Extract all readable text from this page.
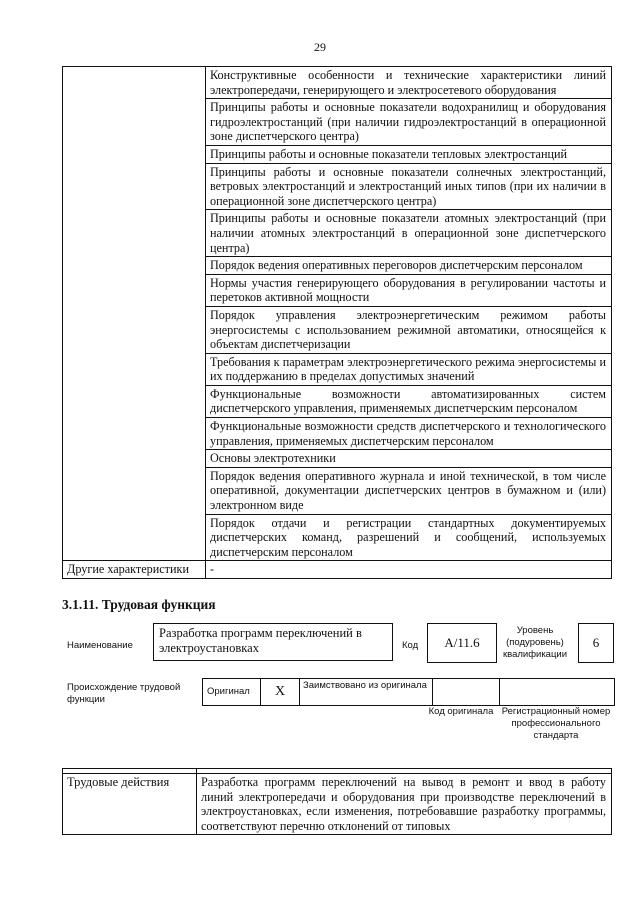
29
	Конструктивные особенности и технические характеристики линий электропередачи, генерирующего и электросетевого оборудования
	Принципы работы и основные показатели водохранилищ и оборудования гидроэлектростанций (при наличии гидроэлектростанций в операционной зоне диспетчерского центра)
	Принципы работы и основные показатели тепловых электростанций
	Принципы работы и основные показатели солнечных электростанций, ветровых электростанций и электростанций иных типов (при их наличии в операционной зоне диспетчерского центра)
	Принципы работы и основные показатели атомных электростанций (при наличии атомных электростанций в операционной зоне диспетчерского центра)
	Порядок ведения оперативных переговоров диспетчерским персоналом
	Нормы участия генерирующего оборудования в регулировании частоты и перетоков активной мощности
	Порядок управления электроэнергетическим режимом работы энергосистемы с использованием режимной автоматики, относящейся к объектам диспетчеризации
	Требования к параметрам электроэнергетического режима энергосистемы и их поддержанию в пределах допустимых значений
	Функциональные возможности автоматизированных систем диспетчерского управления, применяемых диспетчерским персоналом
	Функциональные возможности средств диспетчерского и технологического управления, применяемых диспетчерским персоналом
	Основы электротехники
	Порядок ведения оперативного журнала и иной технической, в том числе оперативной, документации диспетчерских центров в бумажном и (или) электронном виде
	Порядок отдачи и регистрации стандартных документируемых диспетчерских команд, разрешений и сообщений, используемых диспетчерским персоналом
Другие характеристики	-
3.1.11. Трудовая функция
Наименование
Разработка программ переключений в электроустановках	Код	A/11.6
Уровень (подуровень) квалификации
6
Происхождение трудовой функции
Оригинал	X	Заимствовано из оригинала		
Код оригинала Регистрационный номер профессионального стандарта

Трудовые действия	Разработка программ переключений на вывод в ремонт и ввод в работу линий электропередачи и оборудования при производстве переключений в электроустановках, если изменения, потребовавшие разработку программы, соответствуют перечню отклонений от типовых
